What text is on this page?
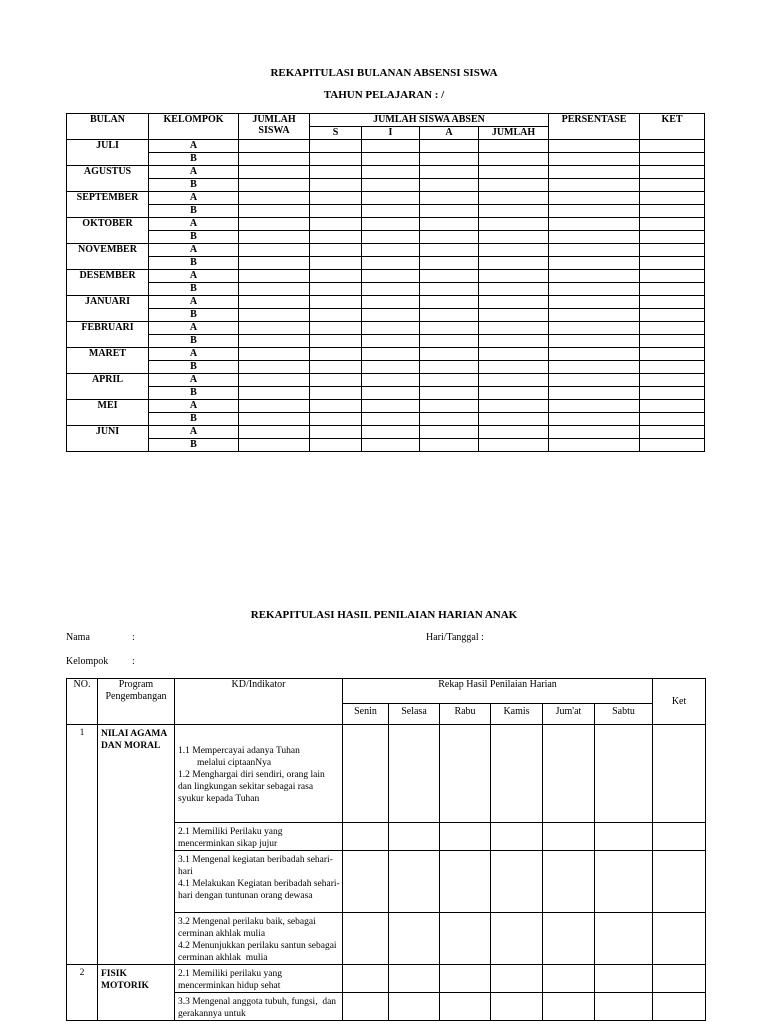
REKAPITULASI BULANAN ABSENSI SISWA
TAHUN PELAJARAN : /
BULAN	KELOMPOK	JUMLAH SISWA	JUMLAH SISWA ABSEN				PERSENTASE	KET
			S	I	A	JUMLAH		
JULI	A							
	B							
AGUSTUS	A							
	B							
SEPTEMBER	A							
	B							
OKTOBER	A							
	B							
NOVEMBER	A							
	B							
DESEMBER	A							
	B							
JANUARI	A							
	B							
FEBRUARI	A							
	B							
MARET	A							
	B							
APRIL	A							
	B							
MEI	A							
	B							
JUNI	A							
	B							
REKAPITULASI HASIL PENILAIAN HARIAN ANAK
Nama	:	Hari/Tanggal :
Kelompok :
NO.	Program Pengembangan	KD/Indikator	Rekap Hasil Penilaian Harian						Ket
			Senin	Selasa	Rabu	Kamis	Jum'at	Sabtu	
1	NILAI AGAMA DAN MORAL	1.1 Mempercayai adanya Tuhan
melalui ciptaanNya
1.2 Menghargai diri sendiri, orang lain dan lingkungan sekitar sebagai rasa syukur kepada Tuhan							
		2.1 Memiliki Perilaku yang mencerminkan sikap jujur							
		3.1 Mengenal kegiatan beribadah sehari-hari
4.1 Melakukan Kegiatan beribadah sehari-hari dengan tuntunan orang dewasa							
		3.2 Mengenal perilaku baik, sebagai cerminan akhlak mulia
4.2 Menunjukkan perilaku santun sebagai cerminan akhlak  mulia							
2	FISIK MOTORIK	2.1 Memiliki perilaku yang mencerminkan hidup sehat							
		3.3 Mengenal anggota tubuh, fungsi,  dan gerakannya untuk							
